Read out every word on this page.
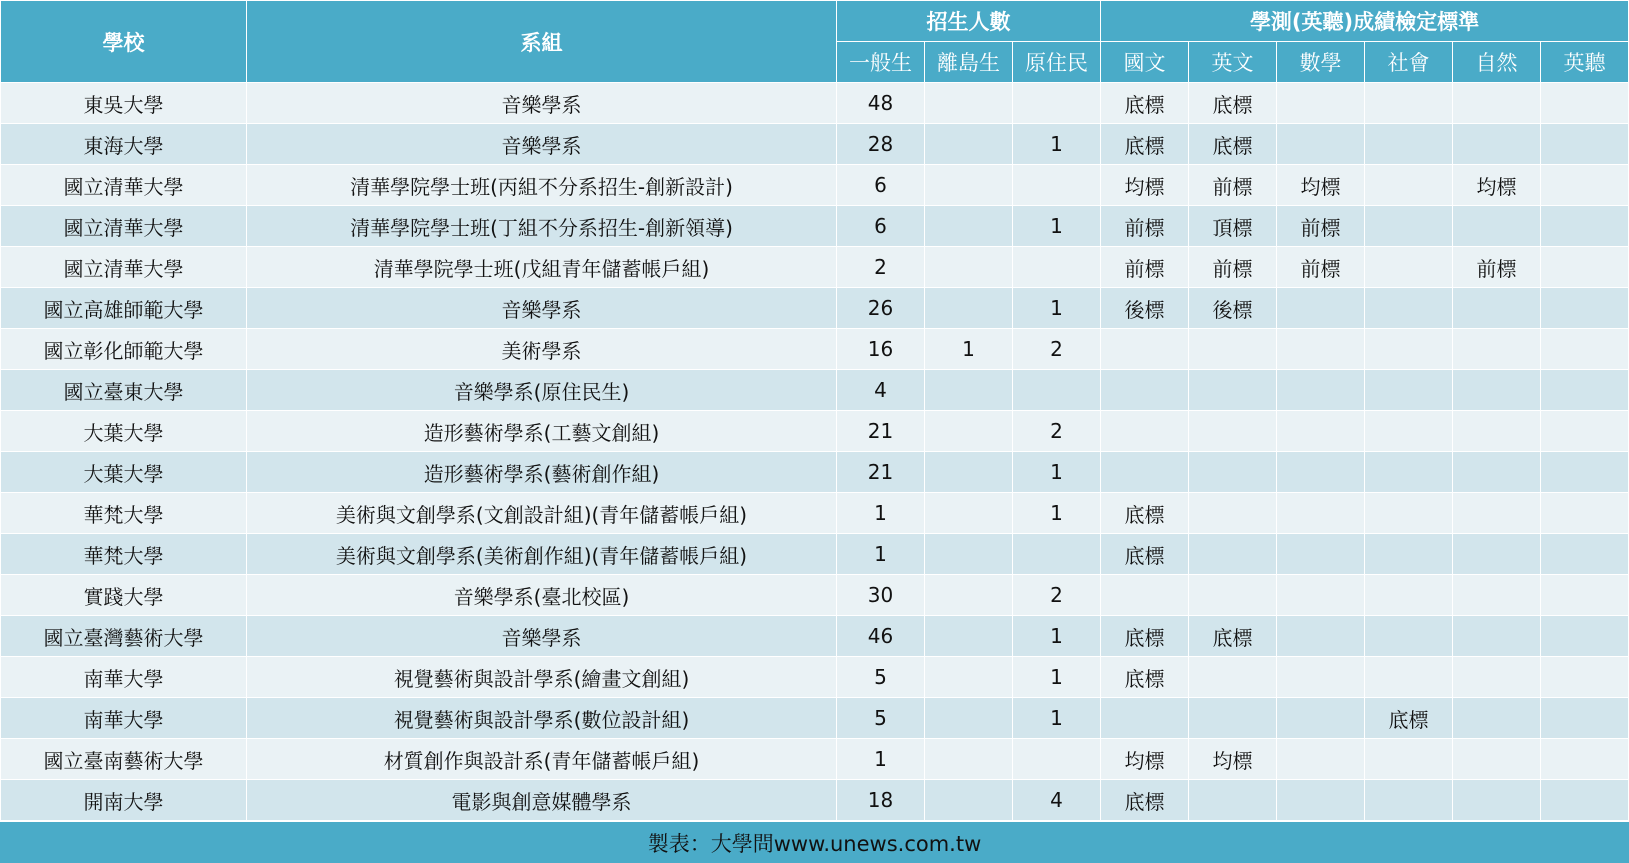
學校	系組	招生人數			學測(英聽)成績檢定標準					
		一般生	離島生	原住民	國文	英文	數學	社會	自然	英聽
東吳大學	音樂學系	48			底標	底標				
東海大學	音樂學系	28		1	底標	底標				
國立清華大學	清華學院學士班(丙組不分系招生-創新設計)	6			均標	前標	均標		均標	
國立清華大學	清華學院學士班(丁組不分系招生-創新領導)	6		1	前標	頂標	前標			
國立清華大學	清華學院學士班(戊組青年儲蓄帳戶組)	2			前標	前標	前標		前標	
國立高雄師範大學	音樂學系	26		1	後標	後標				
國立彰化師範大學	美術學系	16	1	2						
國立臺東大學	音樂學系(原住民生)	4								
大葉大學	造形藝術學系(工藝文創組)	21		2						
大葉大學	造形藝術學系(藝術創作組)	21		1						
華梵大學	美術與文創學系(文創設計組)(青年儲蓄帳戶組)	1		1	底標					
華梵大學	美術與文創學系(美術創作組)(青年儲蓄帳戶組)	1			底標					
實踐大學	音樂學系(臺北校區)	30		2						
國立臺灣藝術大學	音樂學系	46		1	底標	底標				
南華大學	視覺藝術與設計學系(繪畫文創組)	5		1	底標					
南華大學	視覺藝術與設計學系(數位設計組)	5		1				底標		
國立臺南藝術大學	材質創作與設計系(青年儲蓄帳戶組)	1			均標	均標				
開南大學	電影與創意媒體學系	18		4	底標					
製表：大學問www.unews.com.tw
